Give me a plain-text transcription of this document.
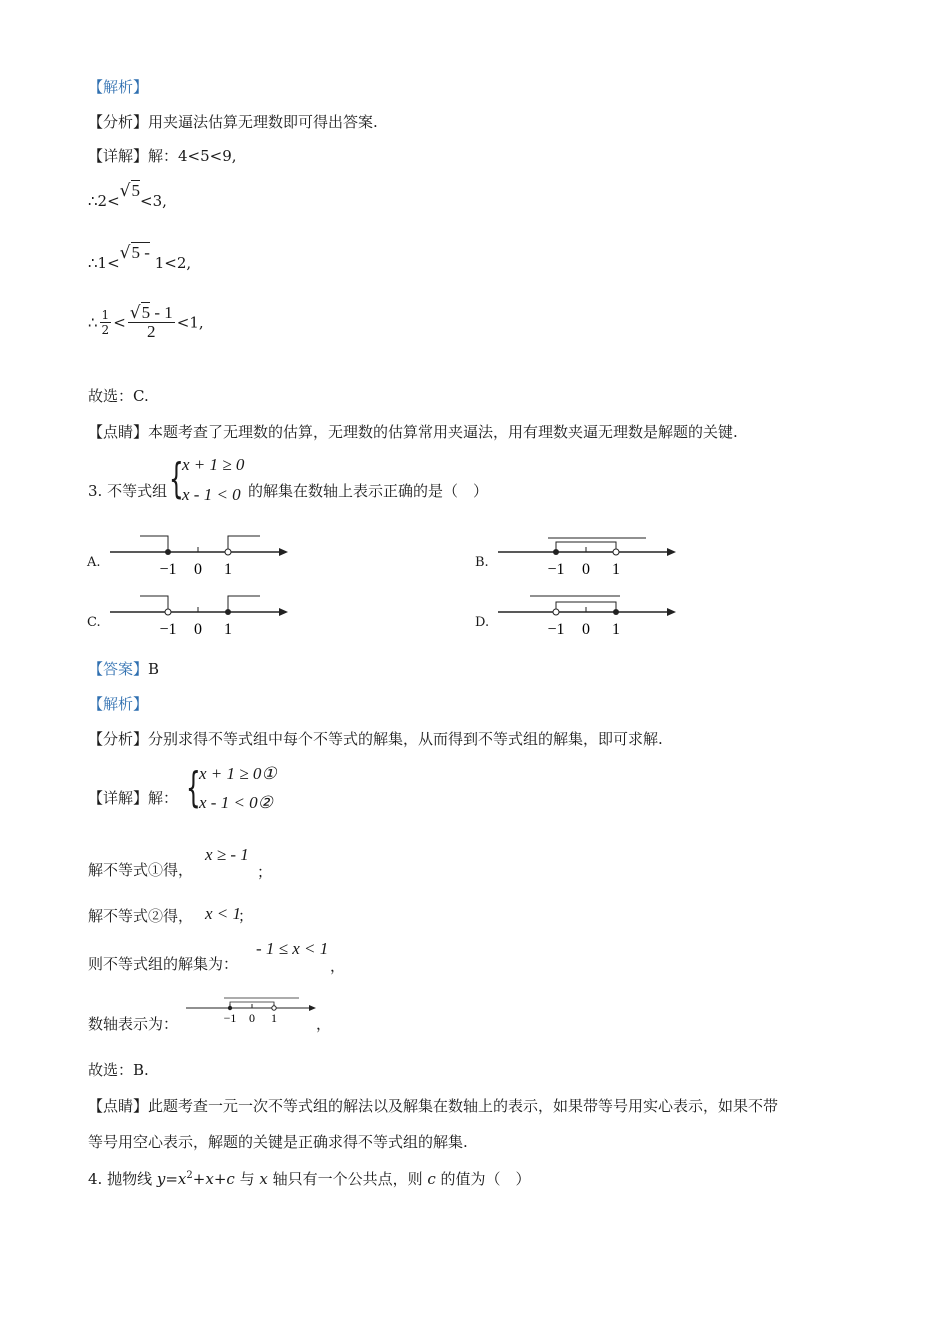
【解析】
【分析】用夹逼法估算无理数即可得出答案.
【详解】解：4<5<9,
∴2<√5<3,
∴1<√5 - 1<2,
∴ $\frac{1}{2} < \frac{√5 - 1}{2} <1$,
故选：C.
【点睛】本题考查了无理数的估算，无理数的估算常用夹逼法，用有理数夹逼无理数是解题的关键.
3. 不等式组 {
x + 1 ≥ 0
x - 1 < 0 的解集在数轴上表示正确的是（　）
A.	B.
C.	D.
−1 0 1	−1 0 1
−1 0 1	−1 0 1
【答案】B
【解析】
【分析】分别求得不等式组中每个不等式的解集，从而得到不等式组的解集，即可求解.
【详解】解： {
x + 1 ≥ 0①
x - 1 < 0②
解不等式①得，
x ≥ - 1
；
解不等式②得， x < 1
；
则不等式组的解集为：
- 1 ≤ x < 1
，
数轴表示为：	−1 0 1	，
故选：B.
【点睛】此题考查一元一次不等式组的解法以及解集在数轴上的表示，如果带等号用实心表示，如果不带
等号用空心表示，解题的关键是正确求得不等式组的解集.
4. 抛物线 $y=x^2+x+c$ 与 x 轴只有一个公共点，则 c 的值为（　）
